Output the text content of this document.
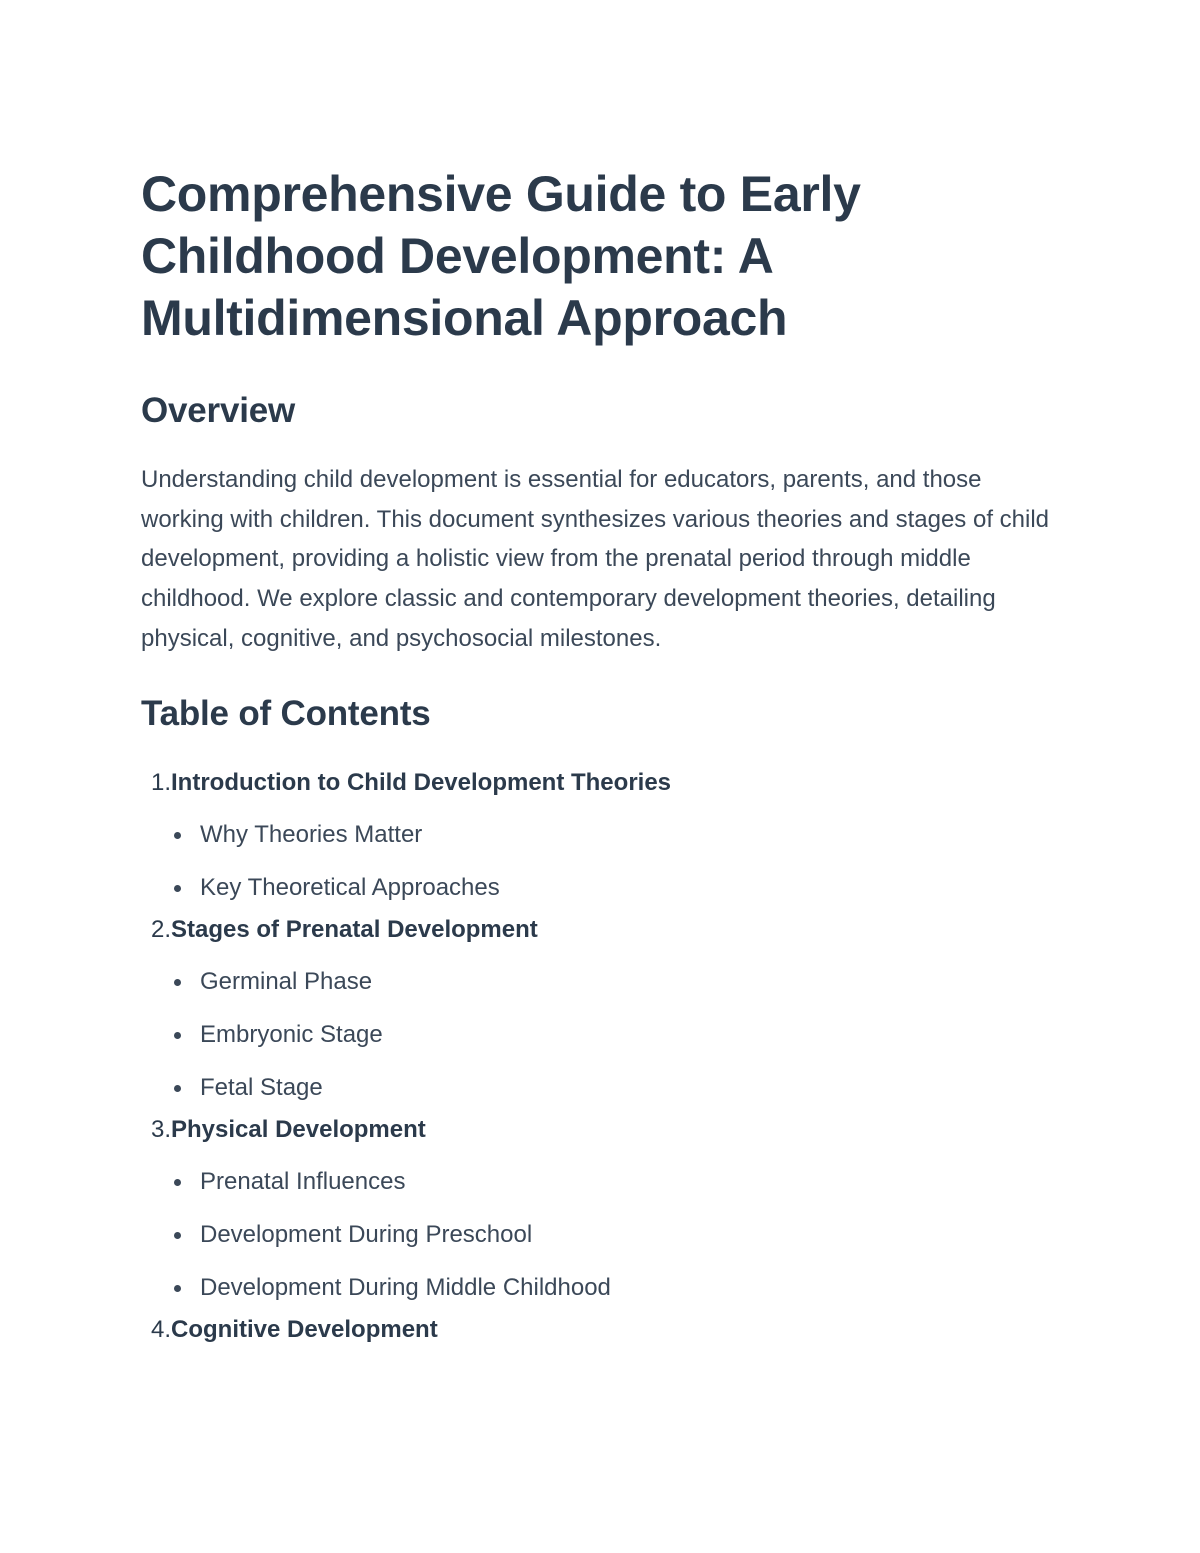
Comprehensive Guide to Early Childhood Development: A Multidimensional Approach
Overview

Understanding child development is essential for educators, parents, and those working with children. This document synthesizes various theories and stages of child development, providing a holistic view from the prenatal period through middle childhood. We explore classic and contemporary development theories, detailing physical, cognitive, and psychosocial milestones.

Table of Contents
1. Introduction to Child Development Theories
Why Theories Matter
Key Theoretical Approaches
2. Stages of Prenatal Development
Germinal Phase
Embryonic Stage
Fetal Stage
3. Physical Development
Prenatal Influences
Development During Preschool
Development During Middle Childhood
4. Cognitive Development
